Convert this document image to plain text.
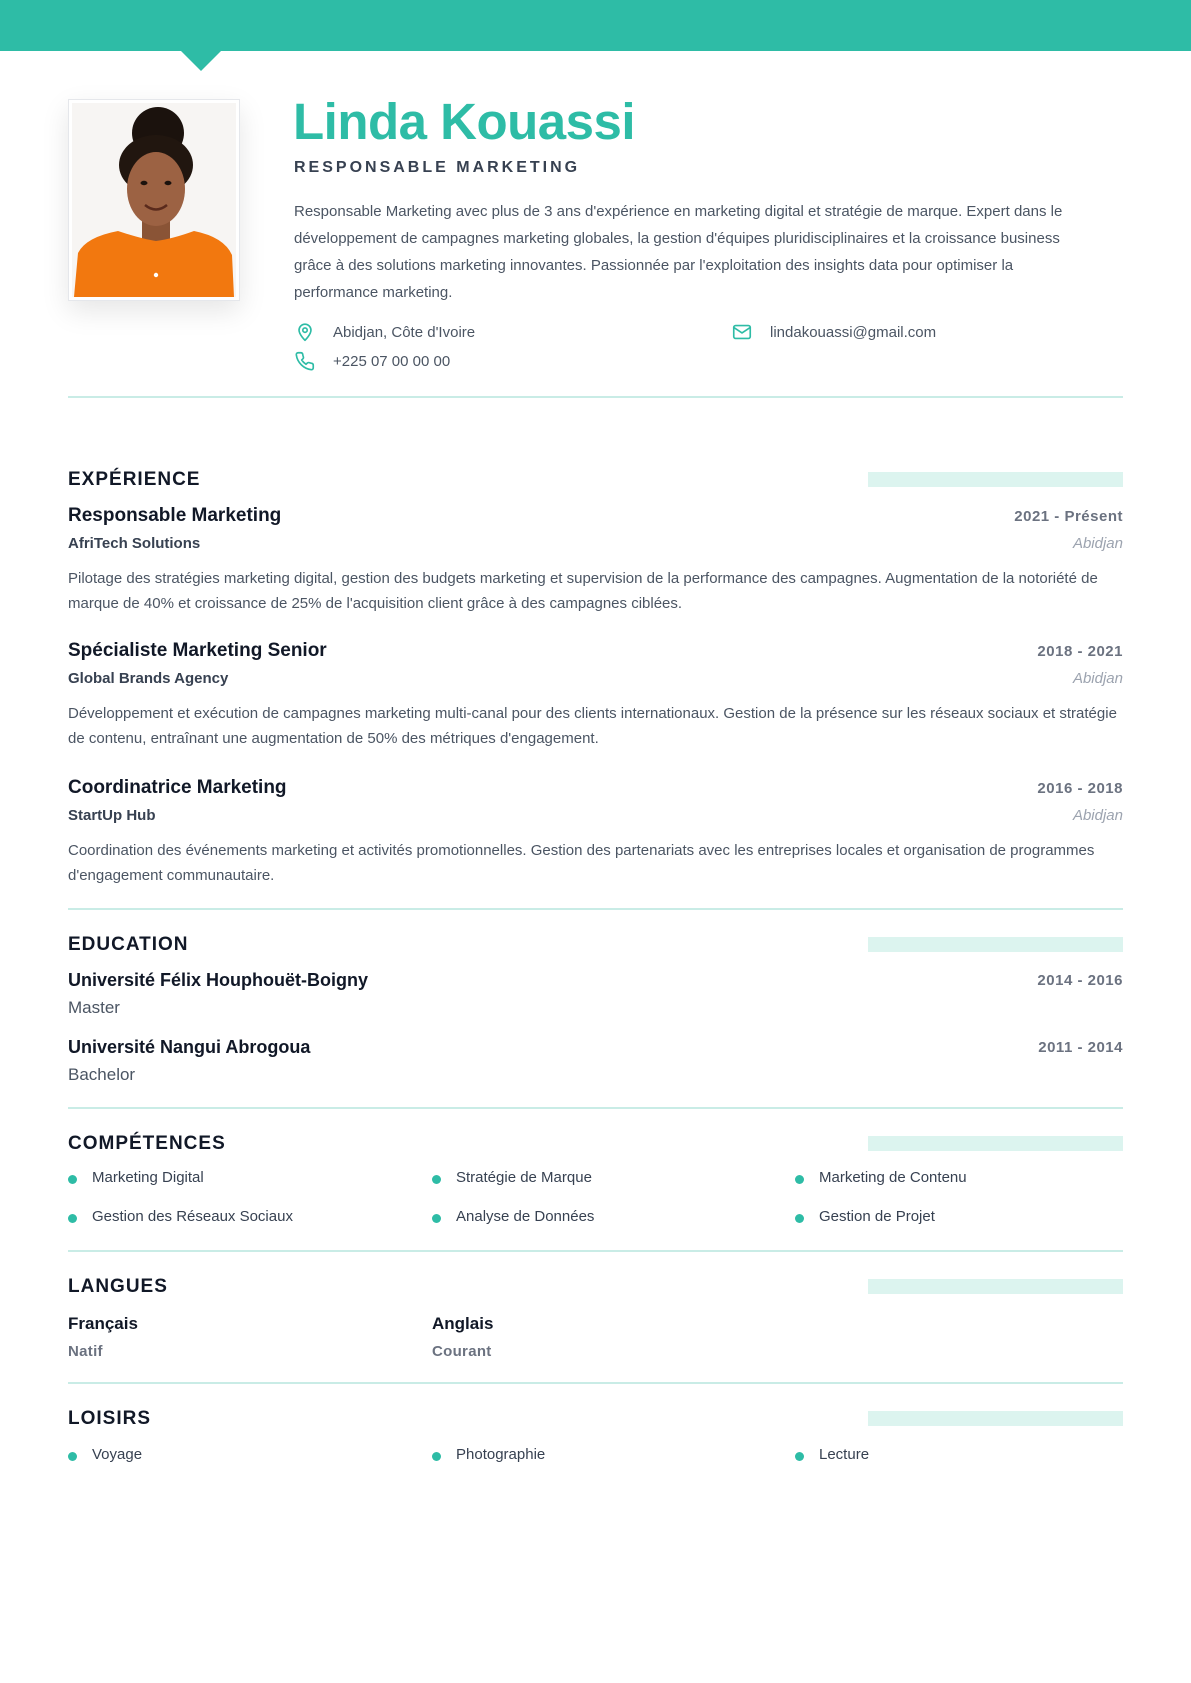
Linda Kouassi
RESPONSABLE MARKETING
Responsable Marketing avec plus de 3 ans d'expérience en marketing digital et stratégie de marque. Expert dans le développement de campagnes marketing globales, la gestion d'équipes pluridisciplinaires et la croissance business grâce à des solutions marketing innovantes. Passionnée par l'exploitation des insights data pour optimiser la performance marketing.
Abidjan, Côte d'Ivoire
+225 07 00 00 00
lindakouassi@gmail.com
EXPÉRIENCE
Responsable Marketing	2021 - Présent
AfriTech Solutions	Abidjan
Pilotage des stratégies marketing digital, gestion des budgets marketing et supervision de la performance des campagnes. Augmentation de la notoriété de marque de 40% et croissance de 25% de l'acquisition client grâce à des campagnes ciblées.
Spécialiste Marketing Senior	2018 - 2021
Global Brands Agency	Abidjan
Développement et exécution de campagnes marketing multi-canal pour des clients internationaux. Gestion de la présence sur les réseaux sociaux et stratégie de contenu, entraînant une augmentation de 50% des métriques d'engagement.
Coordinatrice Marketing	2016 - 2018
StartUp Hub	Abidjan
Coordination des événements marketing et activités promotionnelles. Gestion des partenariats avec les entreprises locales et organisation de programmes d'engagement communautaire.
EDUCATION
Université Félix Houphouët-Boigny	2014 - 2016
Master
Université Nangui Abrogoua	2011 - 2014
Bachelor
COMPÉTENCES
Marketing Digital	Stratégie de Marque	Marketing de Contenu
Gestion des Réseaux Sociaux	Analyse de Données	Gestion de Projet
LANGUES
Français
Natif
Anglais
Courant
LOISIRS
Voyage	Photographie	Lecture
